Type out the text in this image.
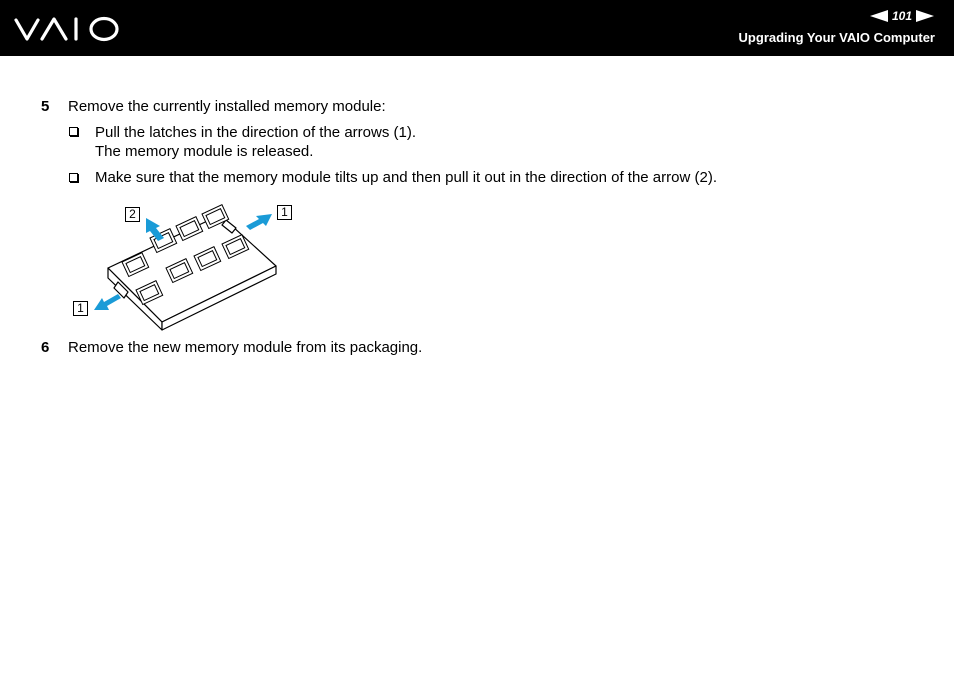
101
Upgrading Your VAIO Computer
5 Remove the currently installed memory module:
Pull the latches in the direction of the arrows (1).
The memory module is released.
Make sure that the memory module tilts up and then pull it out in the direction of the arrow (2).
2	1
1
6 Remove the new memory module from its packaging.
